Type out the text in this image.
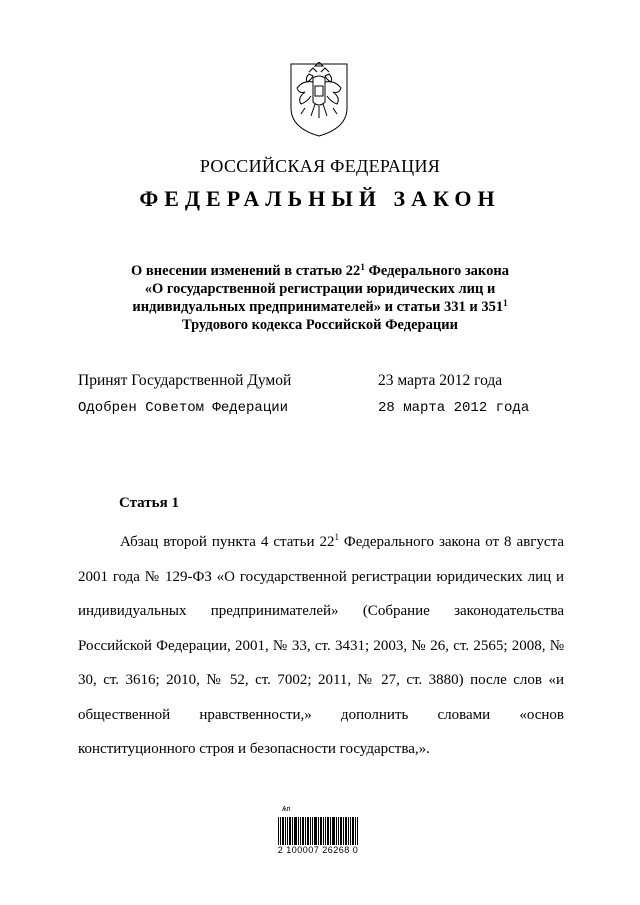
РОССИЙСКАЯ ФЕДЕРАЦИЯ
ФЕДЕРАЛЬНЫЙ ЗАКОН
О внесении изменений в статью $22^1$ Федерального закона
«О государственной регистрации юридических лиц и
индивидуальных предпринимателей» и статьи 331 и $351^1$
Трудового кодекса Российской Федерации
Принят Государственной Думой	23 марта 2012 года
Одобрен Советом Федерации	28 марта 2012 года
Статья 1

Абзац второй пункта 4 статьи $22^1$ Федерального закона от 8 августа 2001 года № 129-ФЗ «О государственной регистрации юридических лиц и индивидуальных предпринимателей» (Собрание законодательства Российской Федерации, 2001, № 33, ст. 3431; 2003, № 26, ст. 2565; 2008, № 30, ст. 3616; 2010, № 52, ст. 7002; 2011, № 27, ст. 3880) после слов «и общественной нравственности,» дополнить словами «основ конституционного строя и безопасности государства,».

Ѧп
2 100007 26268 0
